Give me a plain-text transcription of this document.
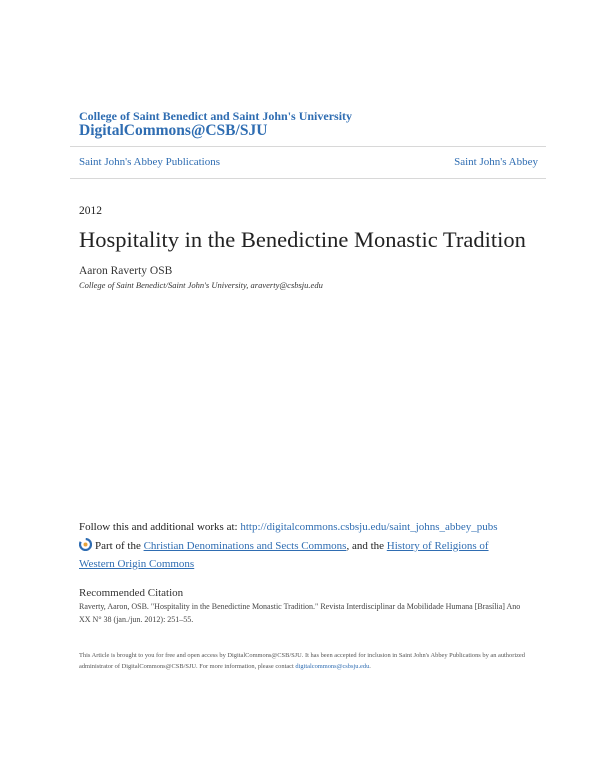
College of Saint Benedict and Saint John's University
DigitalCommons@CSB/SJU
Saint John's Abbey Publications	Saint John's Abbey
2012
Hospitality in the Benedictine Monastic Tradition
Aaron Raverty OSB
College of Saint Benedict/Saint John's University, araverty@csbsju.edu
Follow this and additional works at: http://digitalcommons.csbsju.edu/saint_johns_abbey_pubs
Part of the Christian Denominations and Sects Commons, and the History of Religions of Western Origin Commons
Recommended Citation
Raverty, Aaron, OSB. "Hospitality in the Benedictine Monastic Tradition." Revista Interdisciplinar da Mobilidade Humana [Brasília] Ano XX N° 38 (jan./jun. 2012): 251–55.
This Article is brought to you for free and open access by DigitalCommons@CSB/SJU. It has been accepted for inclusion in Saint John's Abbey Publications by an authorized administrator of DigitalCommons@CSB/SJU. For more information, please contact digitalcommons@csbsju.edu.
